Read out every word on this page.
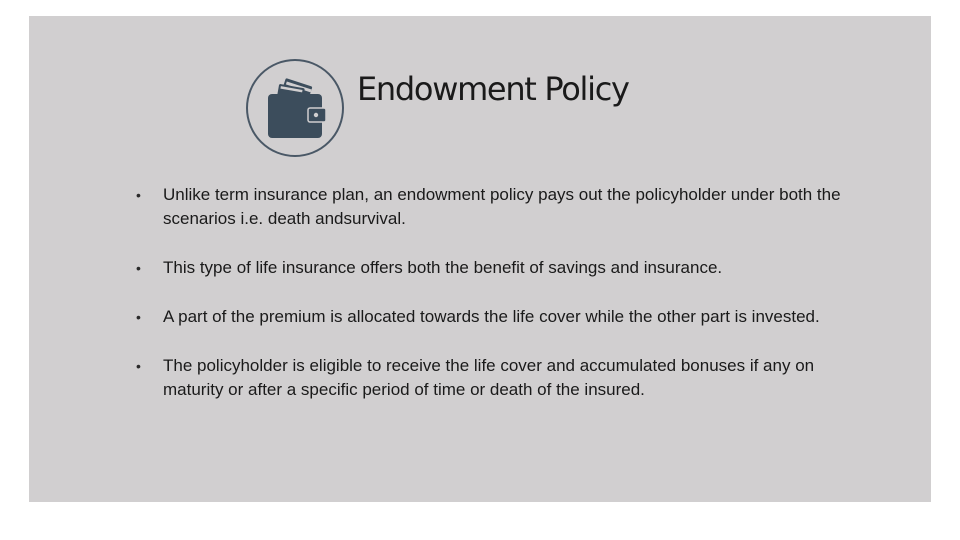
Endowment Policy
• Unlike term insurance plan, an endowment policy pays out the policyholder under both the scenarios i.e. death andsurvival.
• This type of life insurance offers both the benefit of savings and insurance.
• A part of the premium is allocated towards the life cover while the other part is invested.
• The policyholder is eligible to receive the life cover and accumulated bonuses if any on maturity or after a specific period of time or death of the insured.
